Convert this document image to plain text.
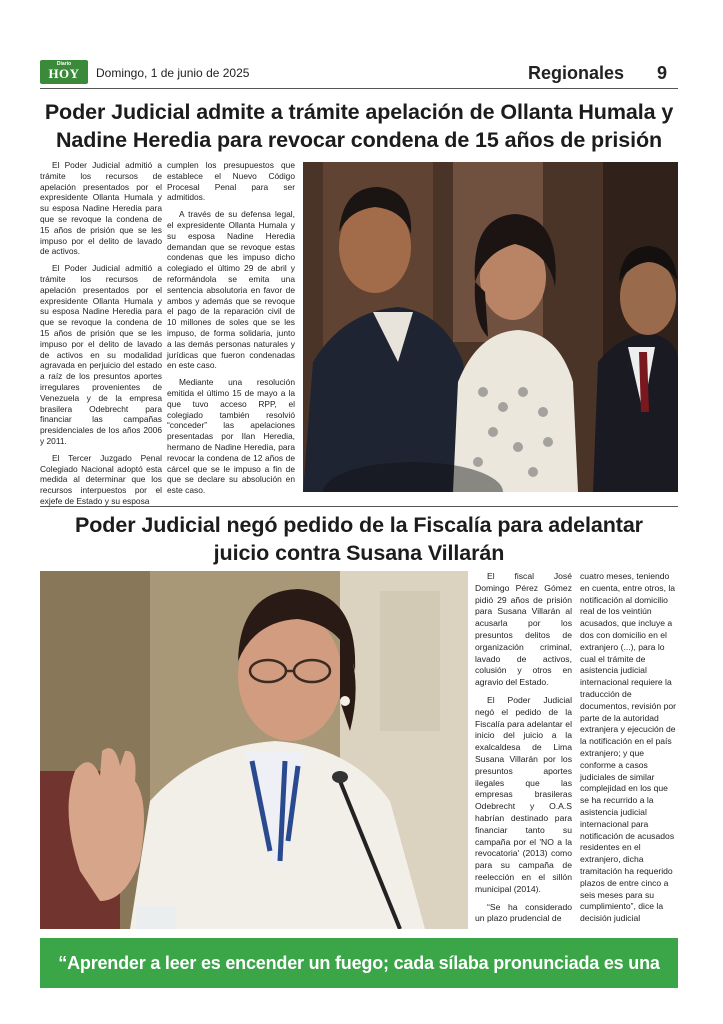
Diario
HOY	Domingo, 1 de junio de 2025	Regionales 9
Poder Judicial admite a trámite apelación de Ollanta Humala y
Nadine Heredia para revocar condena de 15 años de prisión

El Poder Judicial admitió a trámite los recursos de apelación presentados por el expresidente Ollanta Humala y su esposa Nadine Heredia para que se revoque la condena de 15 años de prisión que se les impuso por el delito de lavado de activos.

El Poder Judicial admitió a trámite los recursos de apelación presentados por el expresidente Ollanta Humala y su esposa Nadine Heredia para que se revoque la condena de 15 años de prisión que se les impuso por el delito de lavado de activos en su modalidad agravada en perjuicio del estado a raíz de los presuntos aportes irregulares provenientes de Venezuela y de la empresa brasilera Odebrecht para financiar las campañas presidenciales de los años 2006 y 2011.

El Tercer Juzgado Penal Colegiado Nacional adoptó esta medida al determinar que los recursos interpuestos por el exjefe de Estado y su esposa

cumplen los presupuestos que establece el Nuevo Código Procesal Penal para ser admitidos.

A través de su defensa legal, el expresidente Ollanta Humala y su esposa Nadine Heredia demandan que se revoque estas condenas que les impuso dicho colegiado el último 29 de abril y reformándola se emita una sentencia absolutoria en favor de ambos y además que se revoque el pago de la reparación civil de 10 millones de soles que se les impuso, de forma solidaria, junto a las demás personas naturales y jurídicas que fueron condenadas en este caso.

Mediante una resolución emitida el último 15 de mayo a la que tuvo acceso RPP, el colegiado también resolvió “conceder” las apelaciones presentadas por Ilan Heredia, hermano de Nadine Heredia, para revocar la condena de 12 años de cárcel que se le impuso a fin de que se declare su absolución en este caso.

Poder Judicial negó pedido de la Fiscalía para adelantar
juicio contra Susana Villarán

El fiscal José Domingo Pérez Gómez pidió 29 años de prisión para Susana Villarán al acusarla por los presuntos delitos de organización criminal, lavado de activos, colusión y otros en agravio del Estado.

El Poder Judicial negó el pedido de la Fiscalía para adelantar el inicio del juicio a la exalcaldesa de Lima Susana Villarán por los presuntos aportes ilegales que las empresas brasileras Odebrecht y O.A.S habrían destinado para financiar tanto su campaña por el 'NO a la revocatoria' (2013) como para su campaña de reelección en el sillón municipal (2014).

“Se ha considerado un plazo prudencial de

cuatro meses, teniendo en cuenta, entre otros, la notificación al domicilio real de los veintiún acusados, que incluye a dos con domicilio en el extranjero (...), para lo cual el trámite de asistencia judicial internacional requiere la traducción de documentos, revisión por parte de la autoridad extranjera y ejecución de la notificación en el país extranjero; y que conforme a casos judiciales de similar complejidad en los que se ha recurrido a la asistencia judicial internacional para notificación de acusados residentes en el extranjero, dicha tramitación ha requerido plazos de entre cinco a seis meses para su cumplimiento”, dice la decisión judicial

“Aprender a leer es encender un fuego; cada sílaba pronunciada es una chispa”.
